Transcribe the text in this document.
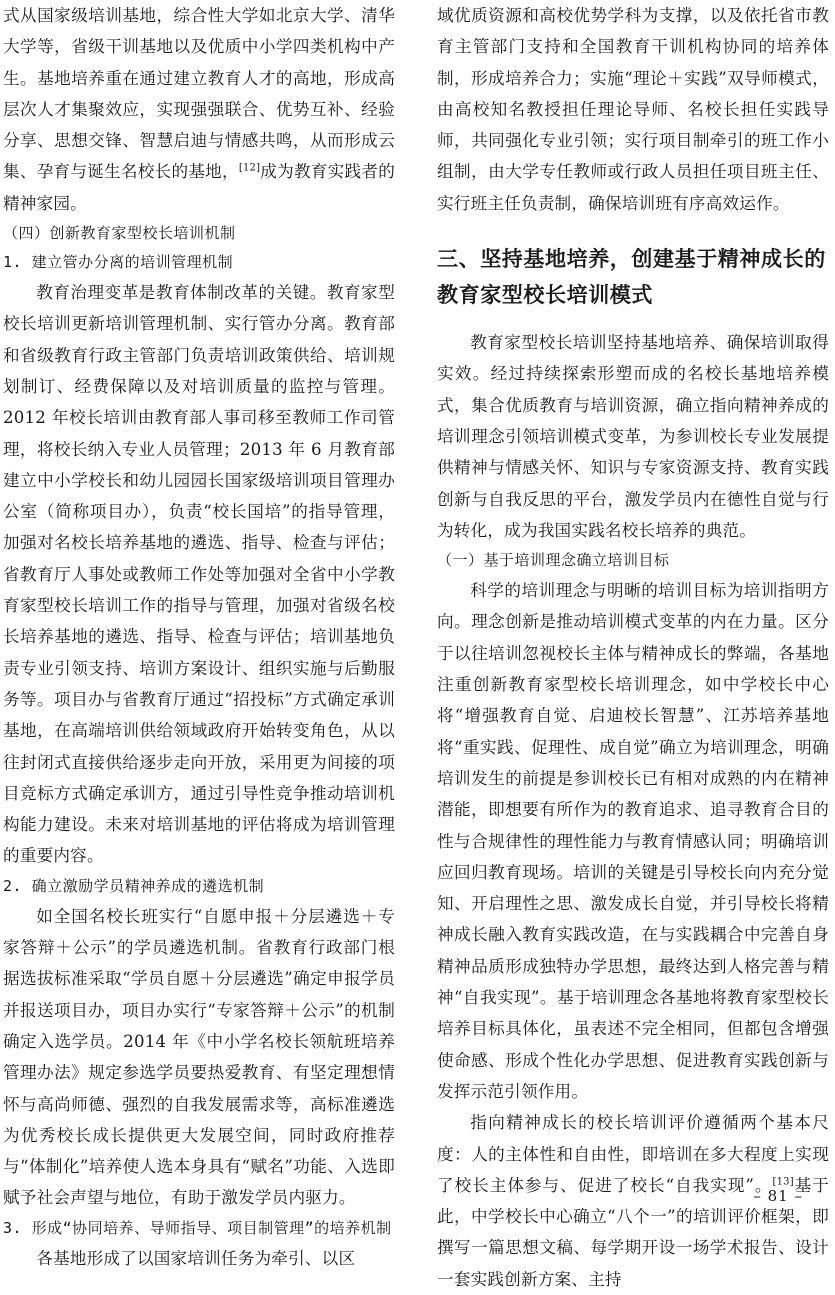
式从国家级培训基地，综合性大学如北京大学、清华大学等，省级干训基地以及优质中小学四类机构中产生。基地培养重在通过建立教育人才的高地，形成高层次人才集聚效应，实现强强联合、优势互补、经验分享、思想交锋、智慧启迪与情感共鸣，从而形成云集、孕育与诞生名校长的基地，[12]成为教育实践者的精神家园。

（四）创新教育家型校长培训机制

1. 建立管办分离的培训管理机制

教育治理变革是教育体制改革的关键。教育家型校长培训更新培训管理机制、实行管办分离。教育部和省级教育行政主管部门负责培训政策供给、培训规划制订、经费保障以及对培训质量的监控与管理。2012 年校长培训由教育部人事司移至教师工作司管理，将校长纳入专业人员管理；2013 年 6 月教育部建立中小学校长和幼儿园园长国家级培训项目管理办公室（简称项目办），负责“校长国培”的指导管理，加强对名校长培养基地的遴选、指导、检查与评估；省教育厅人事处或教师工作处等加强对全省中小学教育家型校长培训工作的指导与管理，加强对省级名校长培养基地的遴选、指导、检查与评估；培训基地负责专业引领支持、培训方案设计、组织实施与后勤服务等。项目办与省教育厅通过“招投标”方式确定承训基地，在高端培训供给领域政府开始转变角色，从以往封闭式直接供给逐步走向开放，采用更为间接的项目竞标方式确定承训方，通过引导性竞争推动培训机构能力建设。未来对培训基地的评估将成为培训管理的重要内容。

2. 确立激励学员精神养成的遴选机制

如全国名校长班实行“自愿申报＋分层遴选＋专家答辩＋公示”的学员遴选机制。省教育行政部门根据选拔标准采取“学员自愿＋分层遴选”确定申报学员并报送项目办，项目办实行“专家答辩＋公示”的机制确定入选学员。2014 年《中小学名校长领航班培养管理办法》规定参选学员要热爱教育、有坚定理想情怀与高尚师德、强烈的自我发展需求等，高标准遴选为优秀校长成长提供更大发展空间，同时政府推荐与“体制化”培养使人选本身具有“赋名”功能、入选即赋予社会声望与地位，有助于激发学员内驱力。

3. 形成“协同培养、导师指导、项目制管理”的培养机制

各基地形成了以国家培训任务为牵引、以区

域优质资源和高校优势学科为支撑，以及依托省市教育主管部门支持和全国教育干训机构协同的培养体制，形成培养合力；实施“理论＋实践”双导师模式，由高校知名教授担任理论导师、名校长担任实践导师，共同强化专业引领；实行项目制牵引的班工作小组制，由大学专任教师或行政人员担任项目班主任、实行班主任负责制，确保培训班有序高效运作。

三、坚持基地培养，创建基于精神成长的教育家型校长培训模式

教育家型校长培训坚持基地培养、确保培训取得实效。经过持续探索形塑而成的名校长基地培养模式，集合优质教育与培训资源，确立指向精神养成的培训理念引领培训模式变革，为参训校长专业发展提供精神与情感关怀、知识与专家资源支持、教育实践创新与自我反思的平台，激发学员内在德性自觉与行为转化，成为我国实践名校长培养的典范。

（一）基于培训理念确立培训目标

科学的培训理念与明晰的培训目标为培训指明方向。理念创新是推动培训模式变革的内在力量。区分于以往培训忽视校长主体与精神成长的弊端，各基地注重创新教育家型校长培训理念，如中学校长中心将“增强教育自觉、启迪校长智慧”、江苏培养基地将“重实践、促理性、成自觉”确立为培训理念，明确培训发生的前提是参训校长已有相对成熟的内在精神潜能，即想要有所作为的教育追求、追寻教育合目的性与合规律性的理性能力与教育情感认同；明确培训应回归教育现场。培训的关键是引导校长向内充分觉知、开启理性之思、激发成长自觉，并引导校长将精神成长融入教育实践改造，在与实践耦合中完善自身精神品质形成独特办学思想，最终达到人格完善与精神“自我实现”。基于培训理念各基地将教育家型校长培养目标具体化，虽表述不完全相同，但都包含增强使命感、形成个性化办学思想、促进教育实践创新与发挥示范引领作用。

指向精神成长的校长培训评价遵循两个基本尺度：人的主体性和自由性，即培训在多大程度上实现了校长主体参与、促进了校长“自我实现”。[13]基于此，中学校长中心确立“八个一”的培训评价框架，即撰写一篇思想文稿、每学期开设一场学术报告、设计一套实践创新方案、主持

– 81 –
